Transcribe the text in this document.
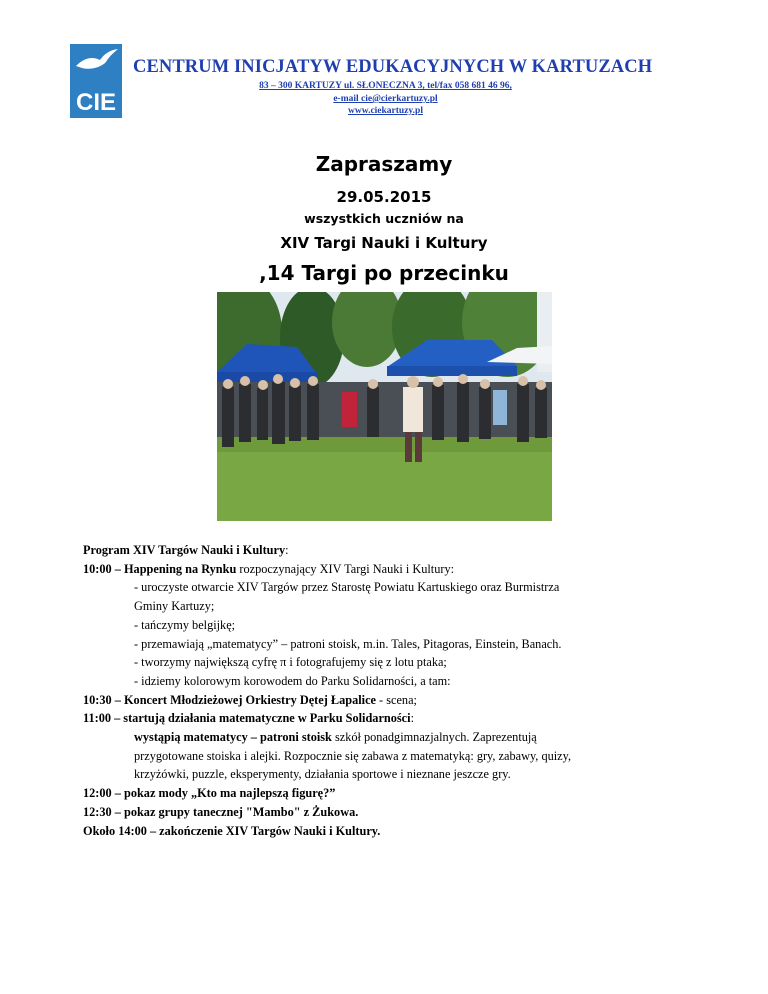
CIE
CENTRUM INICJATYW EDUKACYJNYCH W KARTUZACH
83 – 300 KARTUZY ul. SŁONECZNA 3, tel/fax 058 681 46 96,
e-mail cie@cierkartuzy.pl
www.ciekartuzy.pl
Zapraszamy
29.05.2015
wszystkich uczniów na
XIV Targi Nauki i Kultury
,14 Targi po przecinku
Program XIV Targów Nauki i Kultury:
10:00 – Happening na Rynku rozpoczynający XIV Targi Nauki i Kultury:
- uroczyste otwarcie XIV Targów przez Starostę Powiatu Kartuskiego oraz Burmistrza
Gminy Kartuzy;
- tańczymy belgijkę;
- przemawiają „matematycy” – patroni stoisk, m.in. Tales, Pitagoras, Einstein, Banach.
- tworzymy największą cyfrę π i fotografujemy się z lotu ptaka;
- idziemy kolorowym korowodem do Parku Solidarności, a tam:
10:30 – Koncert Młodzieżowej Orkiestry Dętej Łapalice - scena;
11:00 – startują działania matematyczne w Parku Solidarności:
wystąpią matematycy – patroni stoisk szkół ponadgimnazjalnych. Zaprezentują
przygotowane stoiska i alejki. Rozpocznie się zabawa z matematyką: gry, zabawy, quizy,
krzyżówki, puzzle, eksperymenty, działania sportowe i nieznane jeszcze gry.
12:00 – pokaz mody „Kto ma najlepszą figurę?”
12:30 – pokaz grupy tanecznej "Mambo" z Żukowa.
Około 14:00 – zakończenie XIV Targów Nauki i Kultury.
